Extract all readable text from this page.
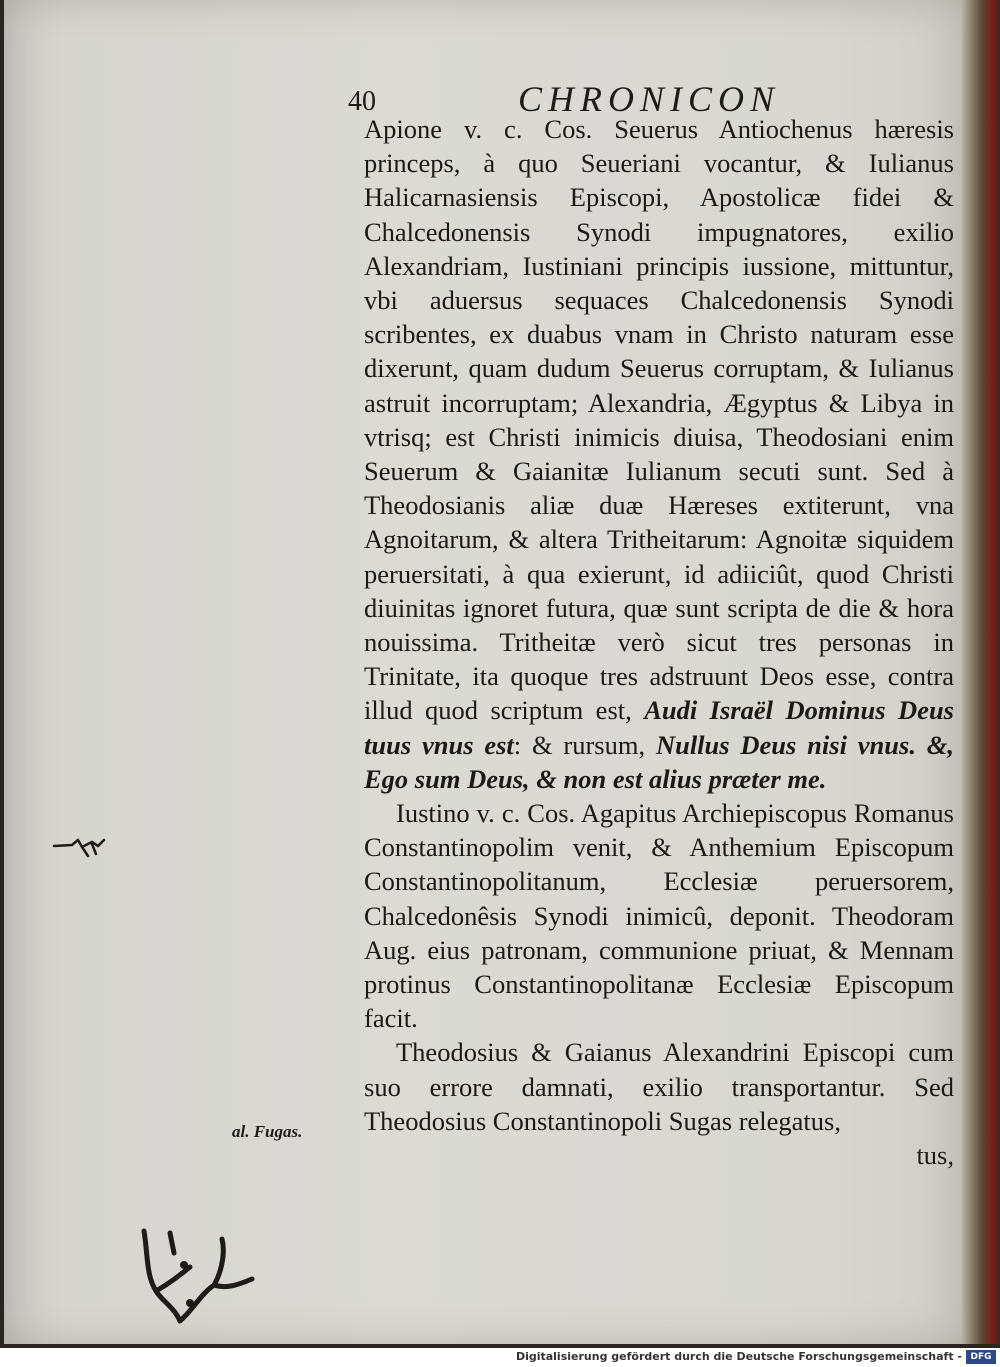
40	CHRONICON

Apione v. c. Cos. Seuerus Antiochenus hæresis princeps, à quo Seueriani vocantur, & Iulianus Halicarnasiensis Episcopi, Apostolicæ fidei & Chalcedonensis Synodi impugnatores, exilio Alexandriam, Iustiniani principis iussione, mittuntur, vbi aduersus sequaces Chalcedonensis Synodi scribentes, ex duabus vnam in Christo naturam esse dixerunt, quam dudum Seuerus corruptam, & Iulianus astruit incorruptam; Alexandria, Ægyptus & Libya in vtrisq; est Christi inimicis diuisa, Theodosiani enim Seuerum & Gaianitæ Iulianum secuti sunt. Sed à Theodosianis aliæ duæ Hæreses extiterunt, vna Agnoitarum, & altera Tritheitarum: Agnoitæ siquidem peruersitati, à qua exierunt, id adiiciût, quod Christi diuinitas ignoret futura, quæ sunt scripta de die & hora nouissima. Tritheitæ verò sicut tres personas in Trinitate, ita quoque tres adstruunt Deos esse, contra illud quod scriptum est, Audi Israël Dominus Deus tuus vnus est: & rursum, Nullus Deus nisi vnus. &, Ego sum Deus, & non est alius præter me.

Iustino v. c. Cos. Agapitus Archiepiscopus Romanus Constantinopolim venit, & Anthemium Episcopum Constantinopolitanum, Ecclesiæ peruersorem, Chalcedonêsis Synodi inimicû, deponit. Theodoram Aug. eius patronam, communione priuat, & Mennam protinus Constantinopolitanæ Ecclesiæ Episcopum facit.

Theodosius & Gaianus Alexandrini Episcopi cum suo errore damnati, exilio transportantur. Sed Theodosius Constantinopoli Sugas relegatus,

tus,
al. Fugas.
Digitalisierung gefördert durch die Deutsche Forschungsgemeinschaft - DFG
